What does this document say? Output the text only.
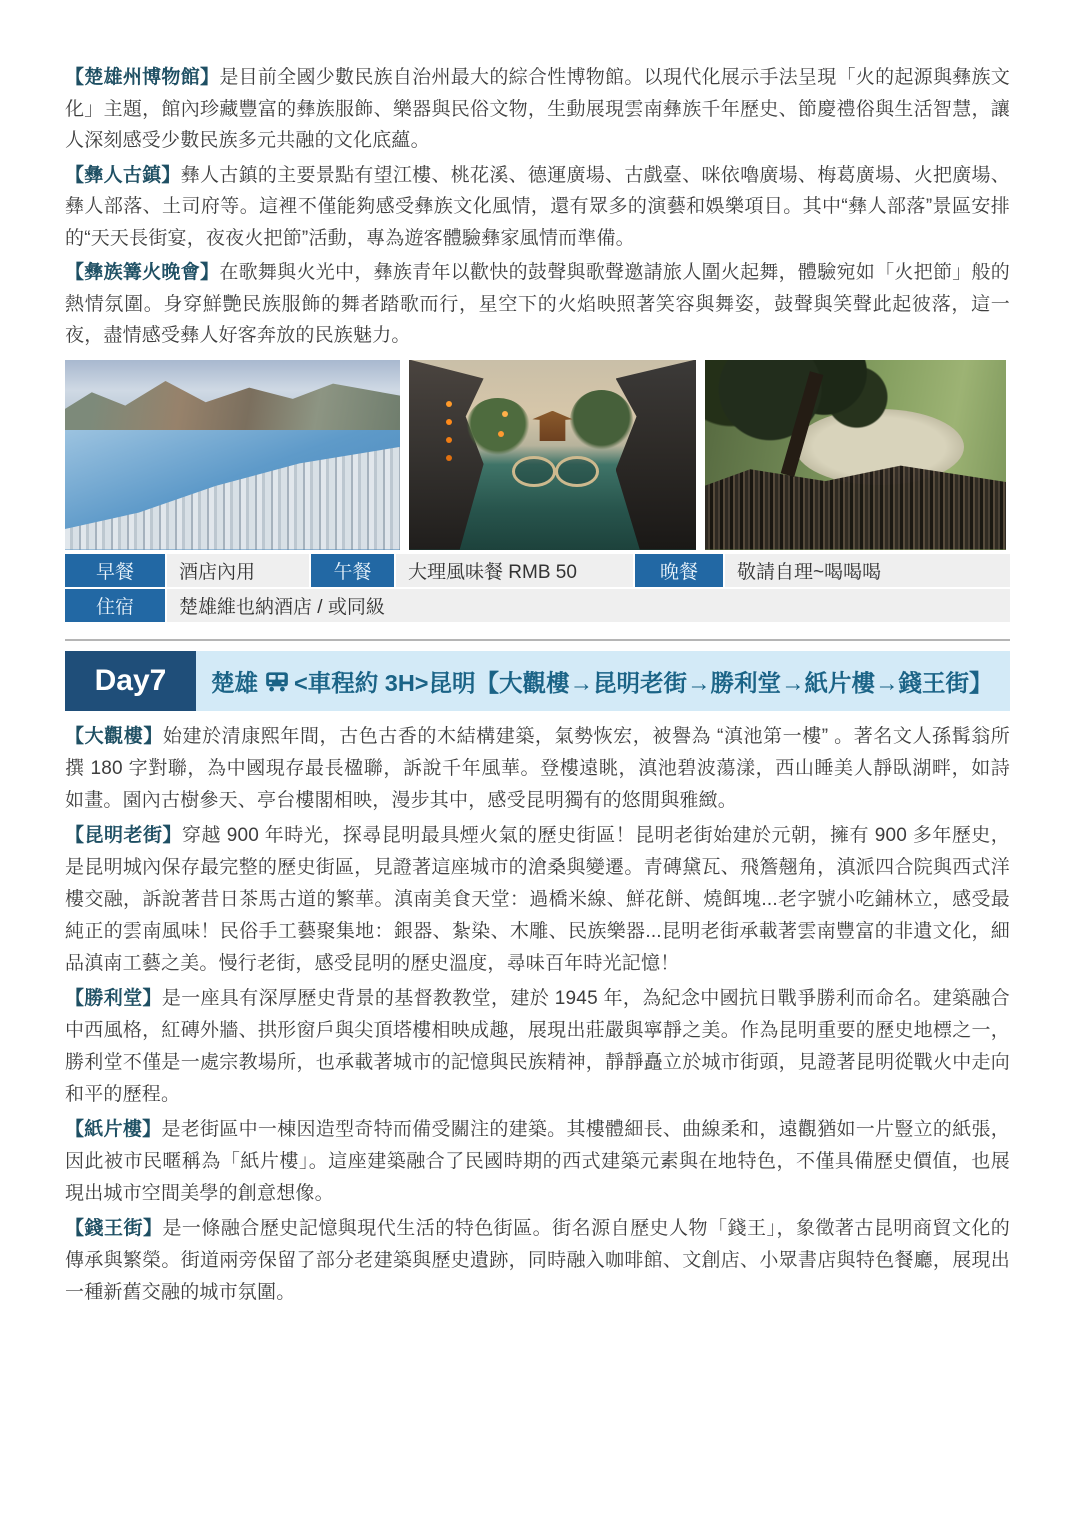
【楚雄州博物館】是目前全國少數民族自治州最大的綜合性博物館。以現代化展示手法呈現「火的起源與彝族文化」主題，館內珍藏豐富的彝族服飾、樂器與民俗文物，生動展現雲南彝族千年歷史、節慶禮俗與生活智慧，讓人深刻感受少數民族多元共融的文化底蘊。

【彝人古鎮】彝人古鎮的主要景點有望江樓、桃花溪、德運廣場、古戲臺、咪依嚕廣場、梅葛廣場、火把廣場、彝人部落、土司府等。這裡不僅能夠感受彝族文化風情，還有眾多的演藝和娛樂項目。其中“彝人部落”景區安排的“天天長街宴，夜夜火把節”活動，專為遊客體驗彝家風情而準備。

【彝族篝火晚會】在歌舞與火光中，彝族青年以歡快的鼓聲與歌聲邀請旅人圍火起舞，體驗宛如「火把節」般的熱情氛圍。身穿鮮艷民族服飾的舞者踏歌而行，星空下的火焰映照著笑容與舞姿，鼓聲與笑聲此起彼落，這一夜，盡情感受彝人好客奔放的民族魅力。

早餐	酒店內用	午餐	大理風味餐 RMB 50	晚餐	敬請自理~喝喝喝
住宿	楚雄維也納酒店 / 或同級
Day7	楚雄 <車程約 3H> 昆明【大觀樓→昆明老街→勝利堂→紙片樓→錢王街】

【大觀樓】始建於清康熙年間，古色古香的木結構建築，氣勢恢宏，被譽為 “滇池第一樓” 。著名文人孫髯翁所撰 180 字對聯，為中國現存最長楹聯，訴說千年風華。登樓遠眺，滇池碧波蕩漾，西山睡美人靜臥湖畔，如詩如畫。園內古樹參天、亭台樓閣相映，漫步其中，感受昆明獨有的悠閒與雅緻。

【昆明老街】穿越 900 年時光，探尋昆明最具煙火氣的歷史街區！昆明老街始建於元朝，擁有 900 多年歷史，是昆明城內保存最完整的歷史街區，見證著這座城市的滄桑與變遷。青磚黛瓦、飛簷翹角，滇派四合院與西式洋樓交融，訴說著昔日茶馬古道的繁華。滇南美食天堂：過橋米線、鮮花餅、燒餌塊...老字號小吃鋪林立，感受最純正的雲南風味！民俗手工藝聚集地：銀器、紮染、木雕、民族樂器...昆明老街承載著雲南豐富的非遺文化，細品滇南工藝之美。慢行老街，感受昆明的歷史溫度，尋味百年時光記憶！

【勝利堂】是一座具有深厚歷史背景的基督教教堂，建於 1945 年，為紀念中國抗日戰爭勝利而命名。建築融合中西風格，紅磚外牆、拱形窗戶與尖頂塔樓相映成趣，展現出莊嚴與寧靜之美。作為昆明重要的歷史地標之一，勝利堂不僅是一處宗教場所，也承載著城市的記憶與民族精神，靜靜矗立於城市街頭，見證著昆明從戰火中走向和平的歷程。

【紙片樓】是老街區中一棟因造型奇特而備受關注的建築。其樓體細長、曲線柔和，遠觀猶如一片豎立的紙張，因此被市民暱稱為「紙片樓」。這座建築融合了民國時期的西式建築元素與在地特色，不僅具備歷史價值，也展現出城市空間美學的創意想像。

【錢王街】是一條融合歷史記憶與現代生活的特色街區。街名源自歷史人物「錢王」，象徵著古昆明商貿文化的傳承與繁榮。街道兩旁保留了部分老建築與歷史遺跡，同時融入咖啡館、文創店、小眾書店與特色餐廳，展現出一種新舊交融的城市氛圍。
